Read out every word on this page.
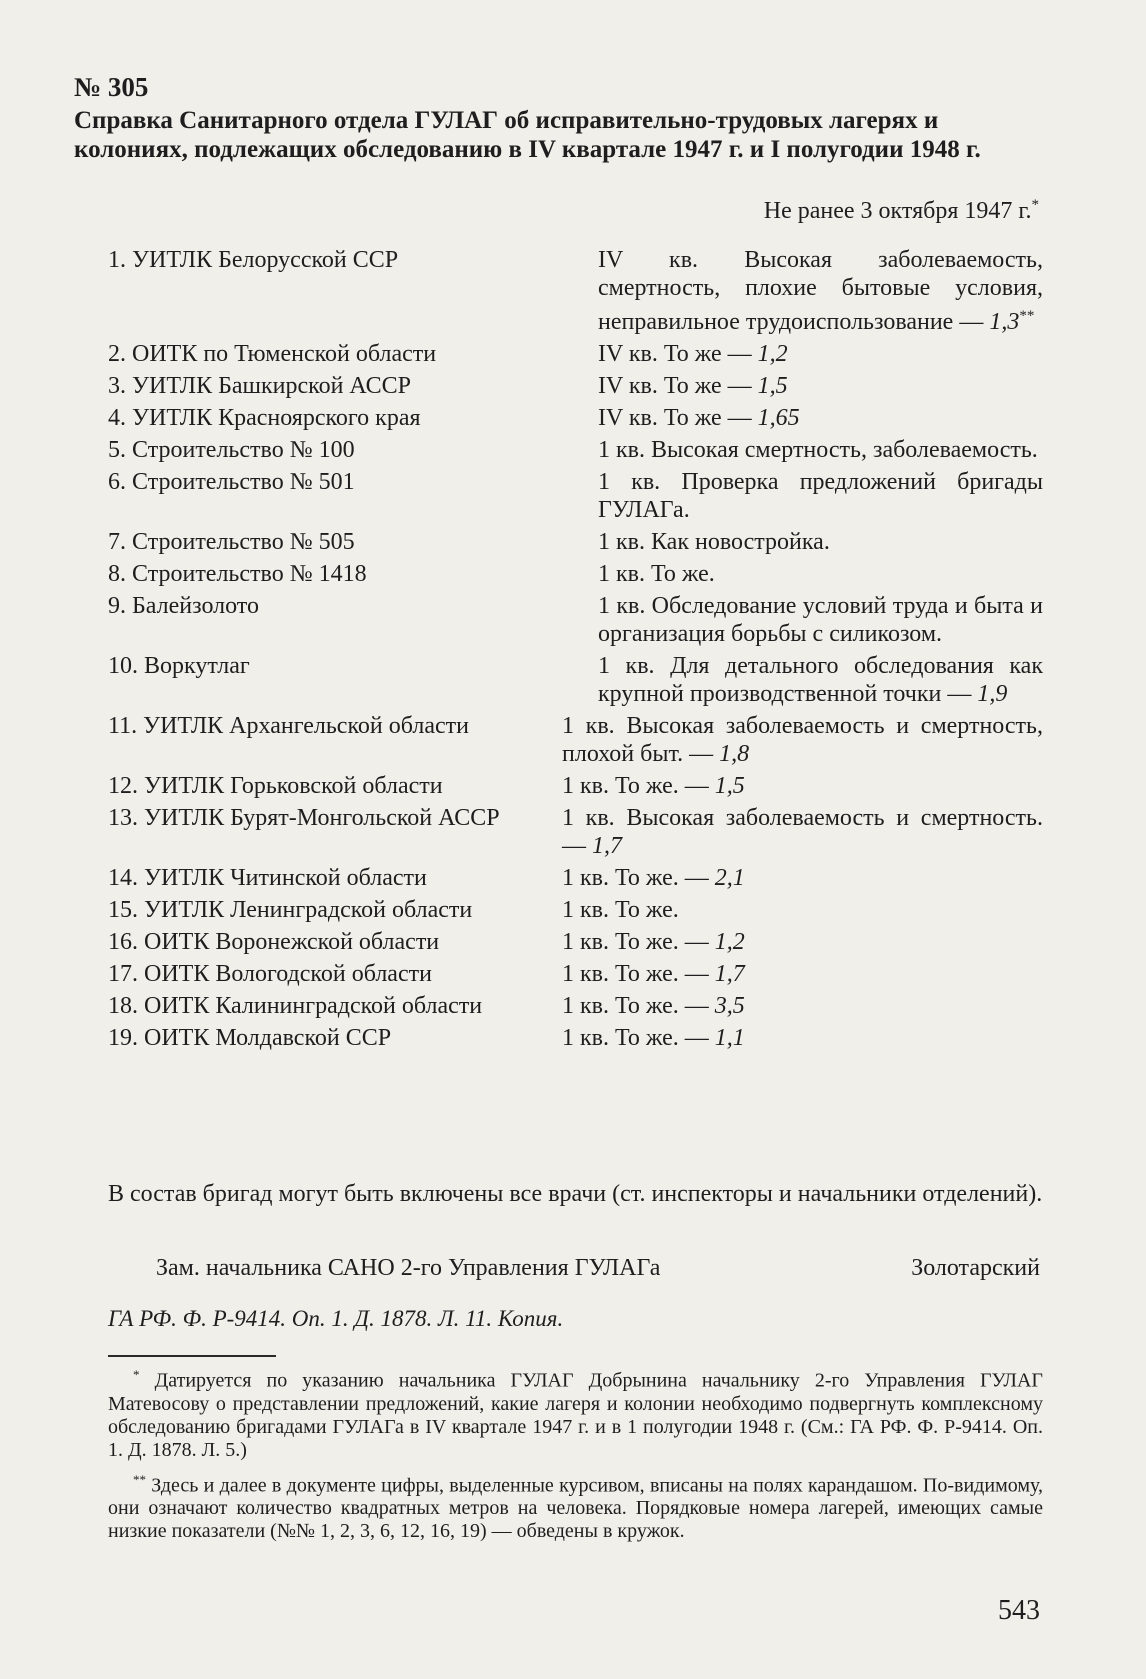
№ 305
Справка Санитарного отдела ГУЛАГ об исправительно-трудовых лагерях и колониях, подлежащих обследованию в IV квартале 1947 г. и I полугодии 1948 г.
Не ранее 3 октября 1947 г.*
1. УИТЛК Белорусской ССР	IV кв. Высокая заболеваемость, смертность, плохие бытовые условия, неправильное трудоиспользование — 1,3**
2. ОИТК по Тюменской области	IV кв. То же — 1,2
3. УИТЛК Башкирской АССР	IV кв. То же — 1,5
4. УИТЛК Красноярского края	IV кв. То же — 1,65
5. Строительство № 100	1 кв. Высокая смертность, заболеваемость.
6. Строительство № 501	1 кв. Проверка предложений бригады ГУЛАГа.
7. Строительство № 505	1 кв. Как новостройка.
8. Строительство № 1418	1 кв. То же.
9. Балейзолото	1 кв. Обследование условий труда и быта и организация борьбы с силикозом.
10. Воркутлаг	1 кв. Для детального обследования как крупной производственной точки — 1,9
11. УИТЛК Архангельской области	1 кв. Высокая заболеваемость и смертность, плохой быт. — 1,8
12. УИТЛК Горьковской области	1 кв. То же. — 1,5
13. УИТЛК Бурят-Монгольской АССР	1 кв. Высокая заболеваемость и смертность. — 1,7
14. УИТЛК Читинской области	1 кв. То же. — 2,1
15. УИТЛК Ленинградской области	1 кв. То же.
16. ОИТК Воронежской области	1 кв. То же. — 1,2
17. ОИТК Вологодской области	1 кв. То же. — 1,7
18. ОИТК Калининградской области	1 кв. То же. — 3,5
19. ОИТК Молдавской ССР	1 кв. То же. — 1,1
В состав бригад могут быть включены все врачи (ст. инспекторы и начальники отделений).
Зам. начальника САНО 2-го Управления ГУЛАГа	Золотарский
ГА РФ. Ф. Р-9414. Оп. 1. Д. 1878. Л. 11. Копия.

* Датируется по указанию начальника ГУЛАГ Добрынина начальнику 2-го Управления ГУЛАГ Матевосову о представлении предложений, какие лагеря и колонии необходимо подвергнуть комплексному обследованию бригадами ГУЛАГа в IV квартале 1947 г. и в 1 полугодии 1948 г. (См.: ГА РФ. Ф. Р-9414. Оп. 1. Д. 1878. Л. 5.)

** Здесь и далее в документе цифры, выделенные курсивом, вписаны на полях карандашом. По-видимому, они означают количество квадратных метров на человека. Порядковые номера лагерей, имеющих самые низкие показатели (№№ 1, 2, 3, 6, 12, 16, 19) — обведены в кружок.

543
